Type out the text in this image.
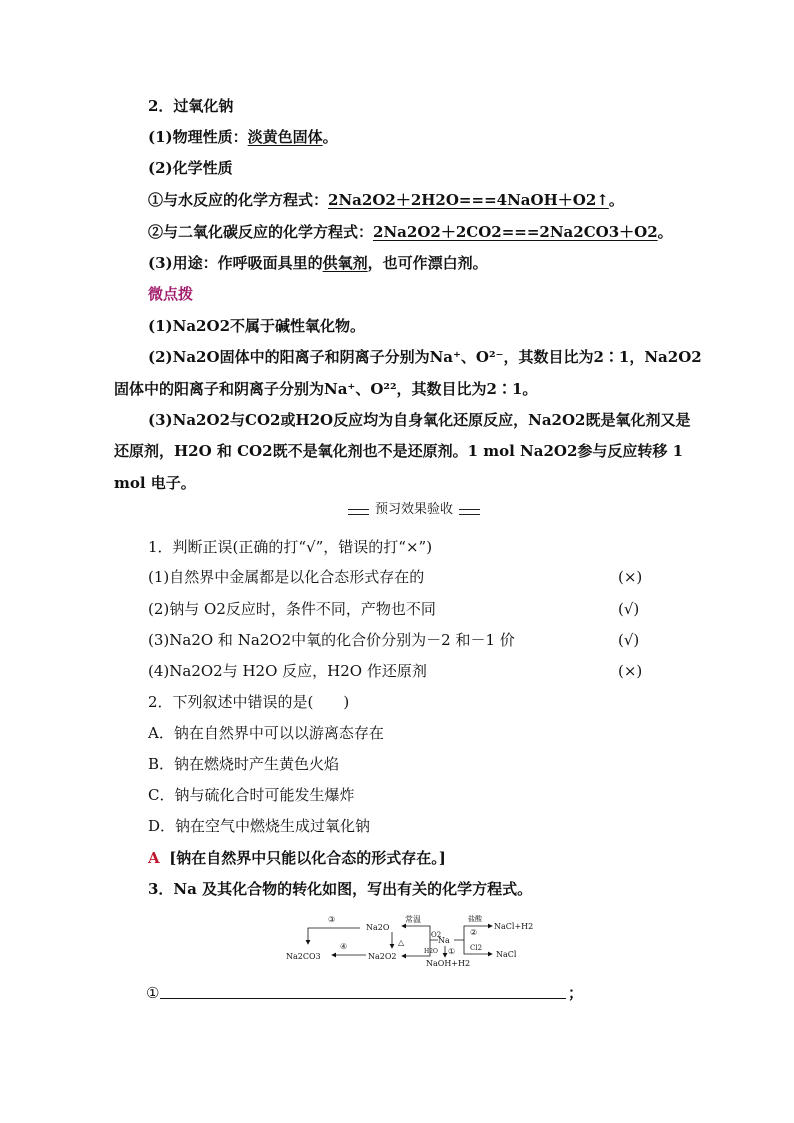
2．过氧化钠
(1)物理性质：淡黄色固体。
(2)化学性质
①与水反应的化学方程式：2Na2O2＋2H2O===4NaOH＋O2↑。
②与二氧化碳反应的化学方程式：2Na2O2＋2CO2===2Na2CO3＋O2。
(3)用途：作呼吸面具里的供氧剂，也可作漂白剂。
微点拨
(1)Na2O2不属于碱性氧化物。
(2)Na2O固体中的阳离子和阴离子分别为Na⁺、O²⁻，其数目比为2∶1，Na2O2
固体中的阳离子和阴离子分别为Na⁺、O²²，其数目比为2∶1。
(3)Na2O2与CO2或H2O反应均为自身氧化还原反应，Na2O2既是氧化剂又是
还原剂，H2O 和 CO2既不是氧化剂也不是还原剂。1 mol Na2O2参与反应转移 1
mol 电子。
预习效果验收
1．判断正误(正确的打“√”，错误的打“×”)
(1)自然界中金属都是以化合态形式存在的	(×)
(2)钠与 O2反应时，条件不同，产物也不同	(√)
(3)Na2O 和 Na2O2中氧的化合价分别为－2 和－1 价	(√)
(4)Na2O2与 H2O 反应，H2O 作还原剂	(×)
2．下列叙述中错误的是(　　)
A．钠在自然界中可以以游离态存在
B．钠在燃烧时产生黄色火焰
C．钠与硫化合时可能发生爆炸
D．钠在空气中燃烧生成过氧化钠
A [钠在自然界中只能以化合态的形式存在。]
3．Na 及其化合物的转化如图，写出有关的化学方程式。
③
④
Na2O
Na2O2
Na2CO3
常温
O2
△	Na
H2O ①
NaOH+H2
盐酸
②
NaCl+H2
Cl2
NaCl
①	；
